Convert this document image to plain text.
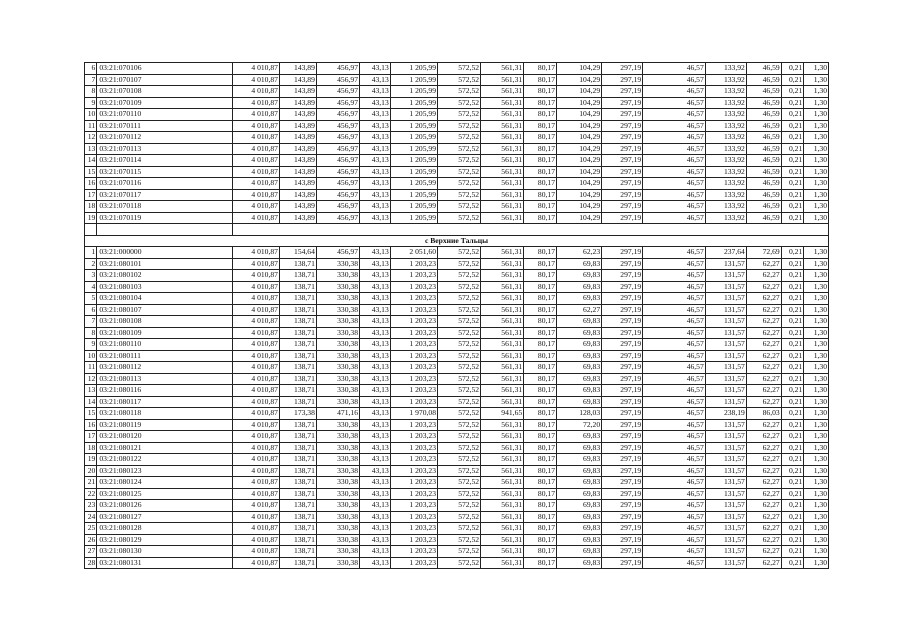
6	03:21:070106	4 010,87	143,89	456,97	43,13	1 205,99	572,52	561,31	80,17	104,29	297,19	46,57	133,92	46,59	0,21	1,30
7	03:21:070107	4 010,87	143,89	456,97	43,13	1 205,99	572,52	561,31	80,17	104,29	297,19	46,57	133,92	46,59	0,21	1,30
8	03:21:070108	4 010,87	143,89	456,97	43,13	1 205,99	572,52	561,31	80,17	104,29	297,19	46,57	133,92	46,59	0,21	1,30
9	03:21:070109	4 010,87	143,89	456,97	43,13	1 205,99	572,52	561,31	80,17	104,29	297,19	46,57	133,92	46,59	0,21	1,30
10	03:21:070110	4 010,87	143,89	456,97	43,13	1 205,99	572,52	561,31	80,17	104,29	297,19	46,57	133,92	46,59	0,21	1,30
11	03:21:070111	4 010,87	143,89	456,97	43,13	1 205,99	572,52	561,31	80,17	104,29	297,19	46,57	133,92	46,59	0,21	1,30
12	03:21:070112	4 010,87	143,89	456,97	43,13	1 205,99	572,52	561,31	80,17	104,29	297,19	46,57	133,92	46,59	0,21	1,30
13	03:21:070113	4 010,87	143,89	456,97	43,13	1 205,99	572,52	561,31	80,17	104,29	297,19	46,57	133,92	46,59	0,21	1,30
14	03:21:070114	4 010,87	143,89	456,97	43,13	1 205,99	572,52	561,31	80,17	104,29	297,19	46,57	133,92	46,59	0,21	1,30
15	03:21:070115	4 010,87	143,89	456,97	43,13	1 205,99	572,52	561,31	80,17	104,29	297,19	46,57	133,92	46,59	0,21	1,30
16	03:21:070116	4 010,87	143,89	456,97	43,13	1 205,99	572,52	561,31	80,17	104,29	297,19	46,57	133,92	46,59	0,21	1,30
17	03:21:070117	4 010,87	143,89	456,97	43,13	1 205,99	572,52	561,31	80,17	104,29	297,19	46,57	133,92	46,59	0,21	1,30
18	03:21:070118	4 010,87	143,89	456,97	43,13	1 205,99	572,52	561,31	80,17	104,29	297,19	46,57	133,92	46,59	0,21	1,30
19	03:21:070119	4 010,87	143,89	456,97	43,13	1 205,99	572,52	561,31	80,17	104,29	297,19	46,57	133,92	46,59	0,21	1,30

с Верхние Тальцы																
1	03:21:000000	4 010,87	154,64	456,97	43,13	2 051,60	572,52	561,31	80,17	62,23	297,19	46,57	237,64	72,69	0,21	1,30
2	03:21:080101	4 010,87	138,71	330,38	43,13	1 203,23	572,52	561,31	80,17	69,83	297,19	46,57	131,57	62,27	0,21	1,30
3	03:21:080102	4 010,87	138,71	330,38	43,13	1 203,23	572,52	561,31	80,17	69,83	297,19	46,57	131,57	62,27	0,21	1,30
4	03:21:080103	4 010,87	138,71	330,38	43,13	1 203,23	572,52	561,31	80,17	69,83	297,19	46,57	131,57	62,27	0,21	1,30
5	03:21:080104	4 010,87	138,71	330,38	43,13	1 203,23	572,52	561,31	80,17	69,83	297,19	46,57	131,57	62,27	0,21	1,30
6	03:21:080107	4 010,87	138,71	330,38	43,13	1 203,23	572,52	561,31	80,17	62,27	297,19	46,57	131,57	62,27	0,21	1,30
7	03:21:080108	4 010,87	138,71	330,38	43,13	1 203,23	572,52	561,31	80,17	69,83	297,19	46,57	131,57	62,27	0,21	1,30
8	03:21:080109	4 010,87	138,71	330,38	43,13	1 203,23	572,52	561,31	80,17	69,83	297,19	46,57	131,57	62,27	0,21	1,30
9	03:21:080110	4 010,87	138,71	330,38	43,13	1 203,23	572,52	561,31	80,17	69,83	297,19	46,57	131,57	62,27	0,21	1,30
10	03:21:080111	4 010,87	138,71	330,38	43,13	1 203,23	572,52	561,31	80,17	69,83	297,19	46,57	131,57	62,27	0,21	1,30
11	03:21:080112	4 010,87	138,71	330,38	43,13	1 203,23	572,52	561,31	80,17	69,83	297,19	46,57	131,57	62,27	0,21	1,30
12	03:21:080113	4 010,87	138,71	330,38	43,13	1 203,23	572,52	561,31	80,17	69,83	297,19	46,57	131,57	62,27	0,21	1,30
13	03:21:080116	4 010,87	138,71	330,38	43,13	1 203,23	572,52	561,31	80,17	69,83	297,19	46,57	131,57	62,27	0,21	1,30
14	03:21:080117	4 010,87	138,71	330,38	43,13	1 203,23	572,52	561,31	80,17	69,83	297,19	46,57	131,57	62,27	0,21	1,30
15	03:21:080118	4 010,87	173,38	471,16	43,13	1 970,08	572,52	941,65	80,17	128,03	297,19	46,57	238,19	86,03	0,21	1,30
16	03:21:080119	4 010,87	138,71	330,38	43,13	1 203,23	572,52	561,31	80,17	72,20	297,19	46,57	131,57	62,27	0,21	1,30
17	03:21:080120	4 010,87	138,71	330,38	43,13	1 203,23	572,52	561,31	80,17	69,83	297,19	46,57	131,57	62,27	0,21	1,30
18	03:21:080121	4 010,87	138,71	330,38	43,13	1 203,23	572,52	561,31	80,17	69,83	297,19	46,57	131,57	62,27	0,21	1,30
19	03:21:080122	4 010,87	138,71	330,38	43,13	1 203,23	572,52	561,31	80,17	69,83	297,19	46,57	131,57	62,27	0,21	1,30
20	03:21:080123	4 010,87	138,71	330,38	43,13	1 203,23	572,52	561,31	80,17	69,83	297,19	46,57	131,57	62,27	0,21	1,30
21	03:21:080124	4 010,87	138,71	330,38	43,13	1 203,23	572,52	561,31	80,17	69,83	297,19	46,57	131,57	62,27	0,21	1,30
22	03:21:080125	4 010,87	138,71	330,38	43,13	1 203,23	572,52	561,31	80,17	69,83	297,19	46,57	131,57	62,27	0,21	1,30
23	03:21:080126	4 010,87	138,71	330,38	43,13	1 203,23	572,52	561,31	80,17	69,83	297,19	46,57	131,57	62,27	0,21	1,30
24	03:21:080127	4 010,87	138,71	330,38	43,13	1 203,23	572,52	561,31	80,17	69,83	297,19	46,57	131,57	62,27	0,21	1,30
25	03:21:080128	4 010,87	138,71	330,38	43,13	1 203,23	572,52	561,31	80,17	69,83	297,19	46,57	131,57	62,27	0,21	1,30
26	03:21:080129	4 010,87	138,71	330,38	43,13	1 203,23	572,52	561,31	80,17	69,83	297,19	46,57	131,57	62,27	0,21	1,30
27	03:21:080130	4 010,87	138,71	330,38	43,13	1 203,23	572,52	561,31	80,17	69,83	297,19	46,57	131,57	62,27	0,21	1,30
28	03:21:080131	4 010,87	138,71	330,38	43,13	1 203,23	572,52	561,31	80,17	69,83	297,19	46,57	131,57	62,27	0,21	1,30
